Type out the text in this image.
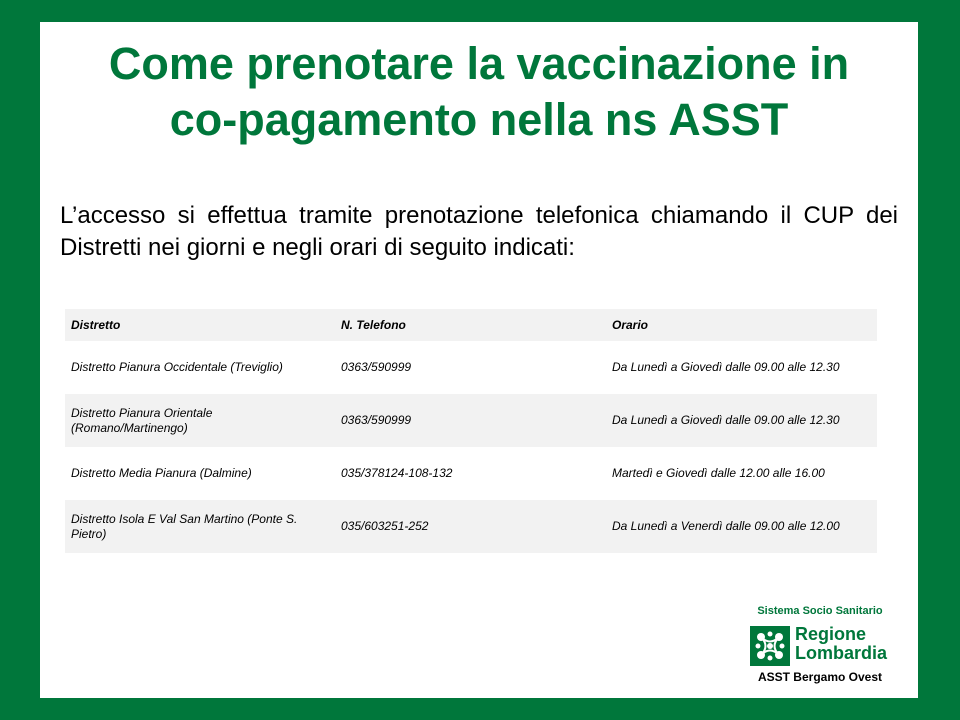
Come prenotare la vaccinazione in
co-pagamento nella ns ASST
L’accesso si effettua tramite prenotazione telefonica chiamando il CUP dei Distretti nei giorni e negli orari di seguito indicati:
Distretto	N. Telefono	Orario
Distretto Pianura Occidentale (Treviglio)	0363/590999	Da Lunedì a Giovedì dalle 09.00 alle 12.30
Distretto Pianura Orientale (Romano/Martinengo)	0363/590999	Da Lunedì a Giovedì dalle 09.00 alle 12.30
Distretto Media Pianura (Dalmine)	035/378124-108-132	Martedì e Giovedì dalle 12.00 alle 16.00
Distretto Isola E Val San Martino (Ponte S. Pietro)	035/603251-252	Da Lunedì a Venerdì dalle 09.00 alle 12.00
Sistema Socio Sanitario
Regione
Lombardia
ASST Bergamo Ovest
